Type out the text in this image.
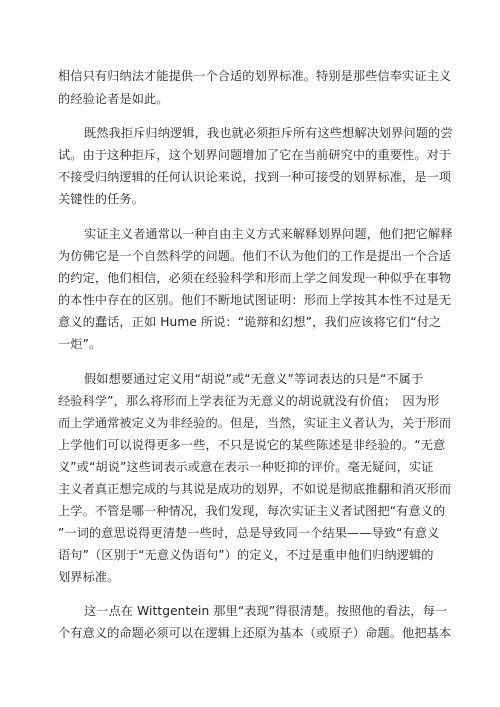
相信只有归纳法才能提供一个合适的划界标准。特别是那些信奉实证主义
的经验论者是如此。
既然我拒斥归纳逻辑，我也就必须拒斥所有这些想解决划界问题的尝
试。由于这种拒斥，这个划界问题增加了它在当前研究中的重要性。对于
不接受归纳逻辑的任何认识论来说，找到一种可接受的划界标准，是一项
关键性的任务。
实证主义者通常以一种自由主义方式来解释划界问题，他们把它解释
为仿佛它是一个自然科学的问题。他们不认为他们的工作是提出一个合适
的约定，他们相信，必须在经验科学和形而上学之间发现一种似乎在事物
的本性中存在的区别。他们不断地试图证明：形而上学按其本性不过是无
意义的蠢话，正如 Hume 所说：“诡辩和幻想”，我们应该将它们“付之
一炬”。
假如想要通过定义用“胡说”或“无意义”等词表达的只是“不属于
经验科学”，那么将形而上学表征为无意义的胡说就没有价值；　因为形
而上学通常被定义为非经验的。但是，当然，实证主义者认为，关于形而
上学他们可以说得更多一些，不只是说它的某些陈述是非经验的。“无意
义”或“胡说”这些词表示或意在表示一种贬抑的评价。毫无疑问，实证
主义者真正想完成的与其说是成功的划界，不如说是彻底推翻和消灭形而
上学。不管是哪一种情况，我们发现，每次实证主义者试图把“有意义的
”一词的意思说得更清楚一些时，总是导致同一个结果——导致“有意义
语句”（区别于“无意义伪语句”）的定义，不过是重申他们归纳逻辑的
划界标准。
这一点在 Wittgentein 那里“表现”得很清楚。按照他的看法，每一
个有意义的命题必须可以在逻辑上还原为基本（或原子）命题。他把基本
